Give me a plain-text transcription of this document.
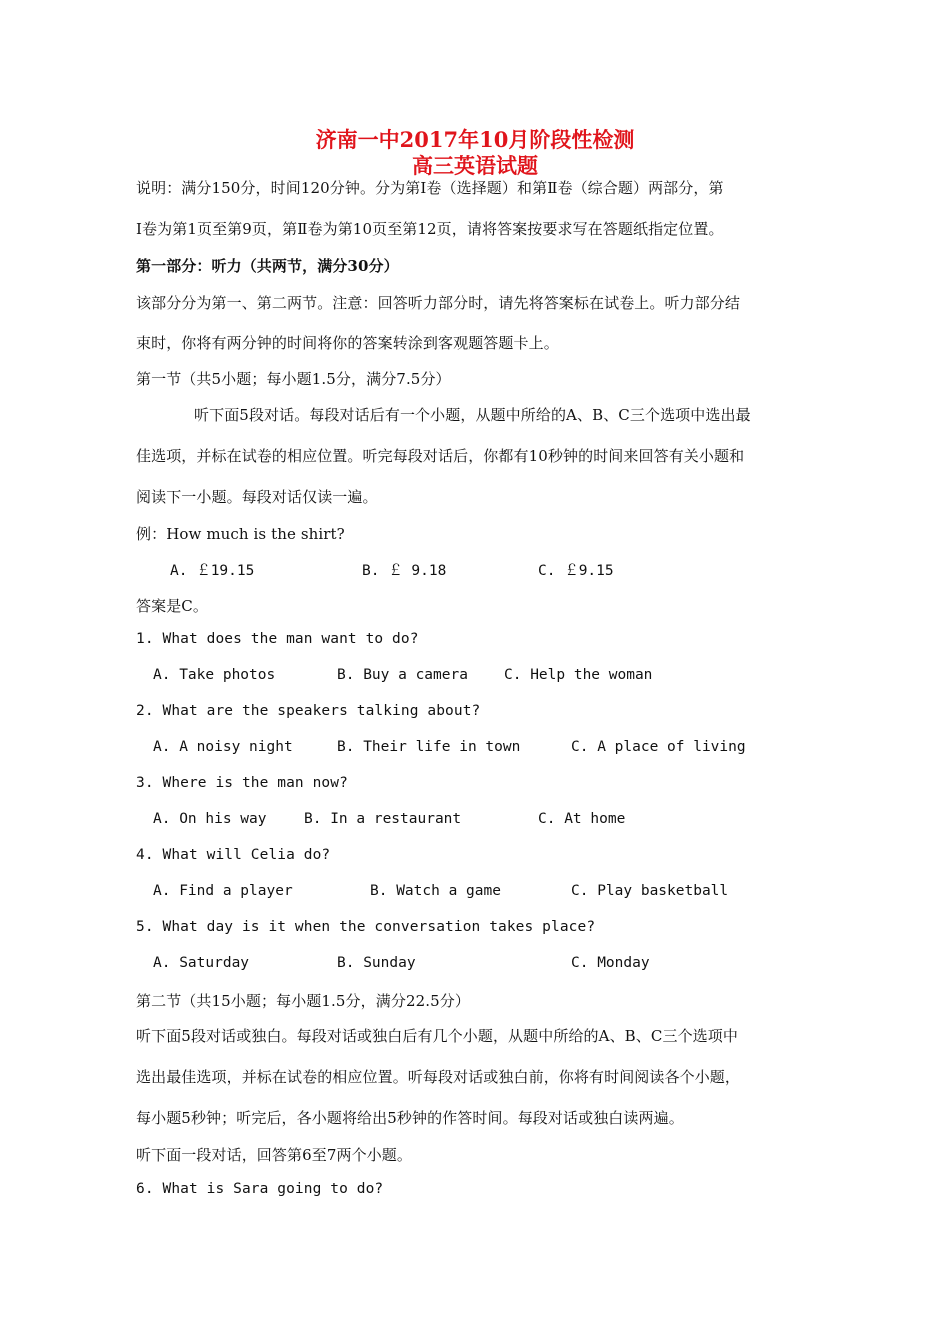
济南一中2017年10月阶段性检测
高三英语试题
说明：满分150分，时间120分钟。分为第Ⅰ卷（选择题）和第Ⅱ卷（综合题）两部分，第
Ⅰ卷为第1页至第9页，第Ⅱ卷为第10页至第12页，请将答案按要求写在答题纸指定位置。
第一部分：听力（共两节，满分30分）
该部分分为第一、第二两节。注意：回答听力部分时，请先将答案标在试卷上。听力部分结
束时，你将有两分钟的时间将你的答案转涂到客观题答题卡上。
第一节（共5小题；每小题1.5分，满分7.5分）
听下面5段对话。每段对话后有一个小题，从题中所给的A、B、C三个选项中选出最
佳选项，并标在试卷的相应位置。听完每段对话后，你都有10秒钟的时间来回答有关小题和
阅读下一小题。每段对话仅读一遍。
例：How much is the shirt?
A. ￡19.15	B. ￡ 9.18	C. ￡9.15
答案是C。
1. What does the man want to do?
A. Take photos	B. Buy a camera C. Help the woman
2. What are the speakers talking about?
A. A noisy night	B. Their life in town	C. A place of living
3. Where is the man now?
A. On his way	B. In a restaurant	C. At home
4. What will Celia do?
A. Find a player	B. Watch a game	C. Play basketball
5. What day is it when the conversation takes place?
A. Saturday	B. Sunday	C. Monday
第二节（共15小题；每小题1.5分，满分22.5分）
听下面5段对话或独白。每段对话或独白后有几个小题，从题中所给的A、B、C三个选项中
选出最佳选项，并标在试卷的相应位置。听每段对话或独白前，你将有时间阅读各个小题，
每小题5秒钟；听完后，各小题将给出5秒钟的作答时间。每段对话或独白读两遍。
听下面一段对话，回答第6至7两个小题。
6. What is Sara going to do?
